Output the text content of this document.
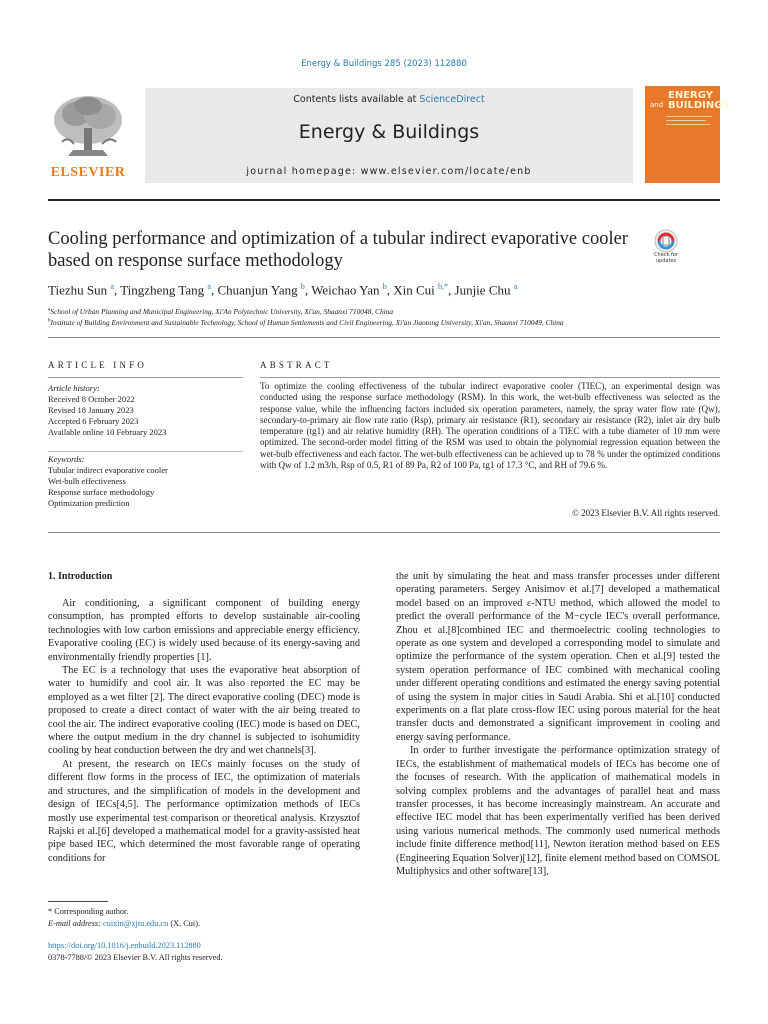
Energy & Buildings 285 (2023) 112880
ELSEVIER
Contents lists available at ScienceDirect
Energy & Buildings
journal homepage: www.elsevier.com/locate/enb
ENERGY
and BUILDINGS
Cooling performance and optimization of a tubular indirect evaporative cooler based on response surface methodology	Check for updates
Tiezhu Sun $^a$, Tingzheng Tang $^a$, Chuanjun Yang $^b$, Weichao Yan $^b$, Xin Cui $^{b,*}$, Junjie Chu $^a$
$^a$School of Urban Planning and Municipal Engineering, Xi'An Polytechnic University, Xi'an, Shaanxi 710048, China
$^b$Institute of Building Environment and Sustainable Technology, School of Human Settlements and Civil Engineering, Xi'an Jiaotong University, Xi'an, Shaanxi 710049, China
ARTICLE INFO	ABSTRACT
Article history:
Received 8 October 2022
Revised 18 January 2023
Accepted 6 February 2023
Available online 10 February 2023
Keywords:
Tubular indirect evaporative cooler
Wet-bulb effectiveness
Response surface methodology
Optimization prediction
To optimize the cooling effectiveness of the tubular indirect evaporative cooler (TIEC), an experimental design was conducted using the response surface methodology (RSM). In this work, the wet-bulb effectiveness was selected as the response value, while the influencing factors included six operation parameters, namely, the spray water flow rate (Qw), secondary-to-primary air flow rate ratio (Rsp), primary air resistance (R1), secondary air resistance (R2), inlet air dry bulb temperature (tg1) and air relative humidity (RH). The operation conditions of a TIEC with a tube diameter of 10 mm were optimized. The second-order model fitting of the RSM was used to obtain the polynomial regression equation between the wet-bulb effectiveness and each factor. The wet-bulb effectiveness can be achieved up to 78 % under the optimized conditions with Qw of 1.2 m3/h, Rsp of 0.5, R1 of 89 Pa, R2 of 100 Pa, tg1 of 17.3 °C, and RH of 79.6 %.
© 2023 Elsevier B.V. All rights reserved.
1. Introduction

Air conditioning, a significant component of building energy consumption, has prompted efforts to develop sustainable air-cooling technologies with low carbon emissions and appreciable energy efficiency. Evaporative cooling (EC) is widely used because of its energy-saving and environmentally friendly properties [1].

The EC is a technology that uses the evaporative heat absorption of water to humidify and cool air. It was also reported the EC may be employed as a wet filter [2]. The direct evaporative cooling (DEC) mode is proposed to create a direct contact of water with the air being treated to cool the air. The indirect evaporative cooling (IEC) mode is based on DEC, where the output medium in the dry channel is subjected to isohumidity cooling by heat conduction between the dry and wet channels[3].

At present, the research on IECs mainly focuses on the study of different flow forms in the process of IEC, the optimization of materials and structures, and the simplification of models in the development and design of IECs[4,5]. The performance optimization methods of IECs mostly use experimental test comparison or theoretical analysis. Krzysztof Rajski et al.[6] developed a mathematical model for a gravity-assisted heat pipe based IEC, which determined the most favorable range of operating conditions for

the unit by simulating the heat and mass transfer processes under different operating parameters. Sergey Anisimov et al.[7] developed a mathematical model based on an improved ε-NTU method, which allowed the model to predict the overall performance of the M−cycle IEC's overall performance. Zhou et al.[8]combined IEC and thermoelectric cooling technologies to operate as one system and developed a corresponding model to simulate and optimize the performance of the system operation. Chen et al.[9] tested the system operation performance of IEC combined with mechanical cooling under different operating conditions and estimated the energy saving potential of using the system in major cities in Saudi Arabia. Shi et al.[10] conducted experiments on a flat plate cross-flow IEC using porous material for the heat transfer ducts and demonstrated a significant improvement in cooling and energy saving performance.

In order to further investigate the performance optimization strategy of IECs, the establishment of mathematical models of IECs has become one of the focuses of research. With the application of mathematical models in solving complex problems and the advantages of parallel heat and mass transfer processes, it has become increasingly mainstream. An accurate and effective IEC model that has been experimentally verified has been derived using various numerical methods. The commonly used numerical methods include finite difference method[11], Newton iteration method based on EES (Engineering Equation Solver)[12], finite element method based on COMSOL Multiphysics and other software[13],

* Corresponding author.
E-mail address: cuixin@xjtu.edu.cn (X. Cui).
https://doi.org/10.1016/j.enbuild.2023.112880
0378-7788/© 2023 Elsevier B.V. All rights reserved.
